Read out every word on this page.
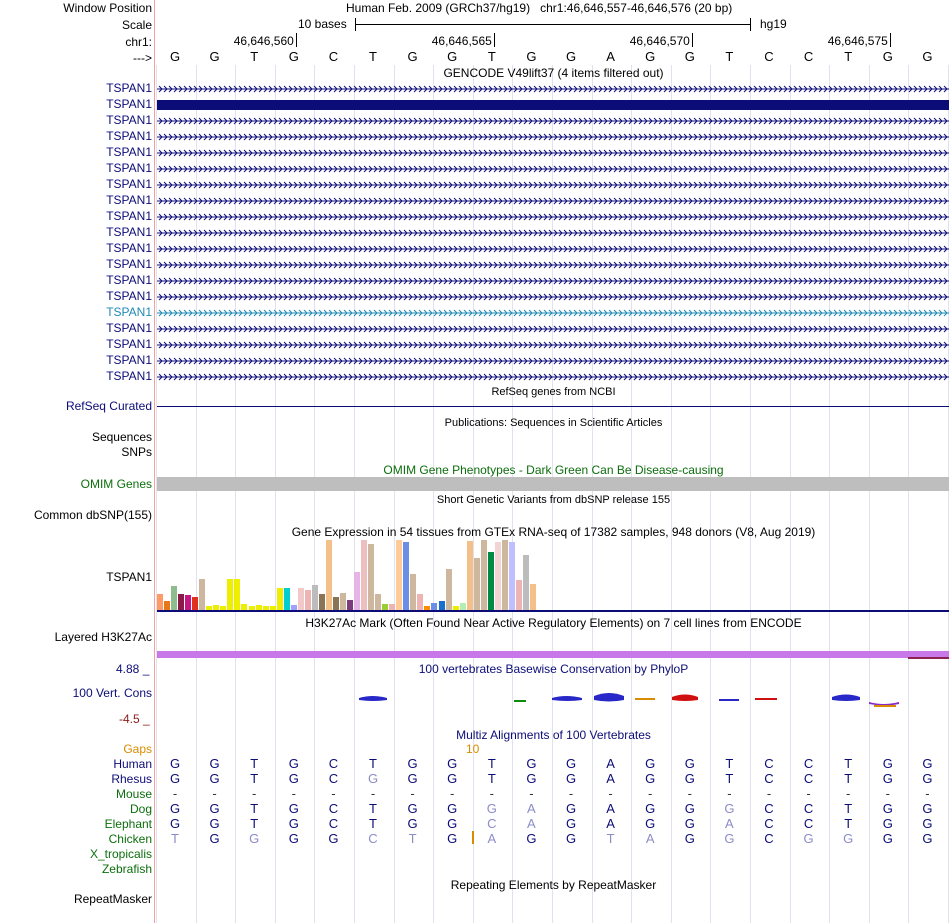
Window Position	Human Feb. 2009 (GRCh37/hg19) chr1:46,646,557-46,646,576 (20 bp)
Scale	10 bases	hg19
chr1:	46,646,560	46,646,565	46,646,570	46,646,575
--->	G	G	T	G	C	T	G	G	T	G	G	A	G	G	T	C	C	T	G	G
GENCODE V49lift37 (4 items filtered out)
TSPAN1
TSPAN1
TSPAN1
TSPAN1
TSPAN1
TSPAN1
TSPAN1
TSPAN1
TSPAN1
TSPAN1
TSPAN1
TSPAN1
TSPAN1
TSPAN1
TSPAN1
TSPAN1
TSPAN1
TSPAN1
TSPAN1
RefSeq genes from NCBI
RefSeq Curated
Publications: Sequences in Scientific Articles
Sequences
SNPs
OMIM Gene Phenotypes - Dark Green Can Be Disease-causing
OMIM Genes
Short Genetic Variants from dbSNP release 155
Common dbSNP(155)
Gene Expression in 54 tissues from GTEx RNA-seq of 17382 samples, 948 donors (V8, Aug 2019)
TSPAN1
H3K27Ac Mark (Often Found Near Active Regulatory Elements) on 7 cell lines from ENCODE
Layered H3K27Ac
100 vertebrates Basewise Conservation by PhyloP
4.88 _
100 Vert. Cons
-4.5 _
Multiz Alignments of 100 Vertebrates
Gaps	10
Human	G	G	T	G	C	T	G	G	T	G	G	A	G	G	T	C	C	T	G	G
Rhesus	G	G	T	G	C	G	G	G	T	G	G	A	G	G	T	C	C	T	G	G
Mouse	-	-	-	-	-	-	-	-	-	-	-	-	-	-	-	-	-	-	-	-
Dog	G	G	T	G	C	T	G	G	G	A	G	A	G	G	G	C	C	T	G	G
Elephant	G	G	T	G	C	T	G	G	C	A	G	A	G	G	A	C	C	T	G	G
Chicken	T	G	G	G	G	C	T	G	A	G	G	T	A	G	G	C	G	G	G	G
X_tropicalis
Zebrafish
Repeating Elements by RepeatMasker
RepeatMasker
